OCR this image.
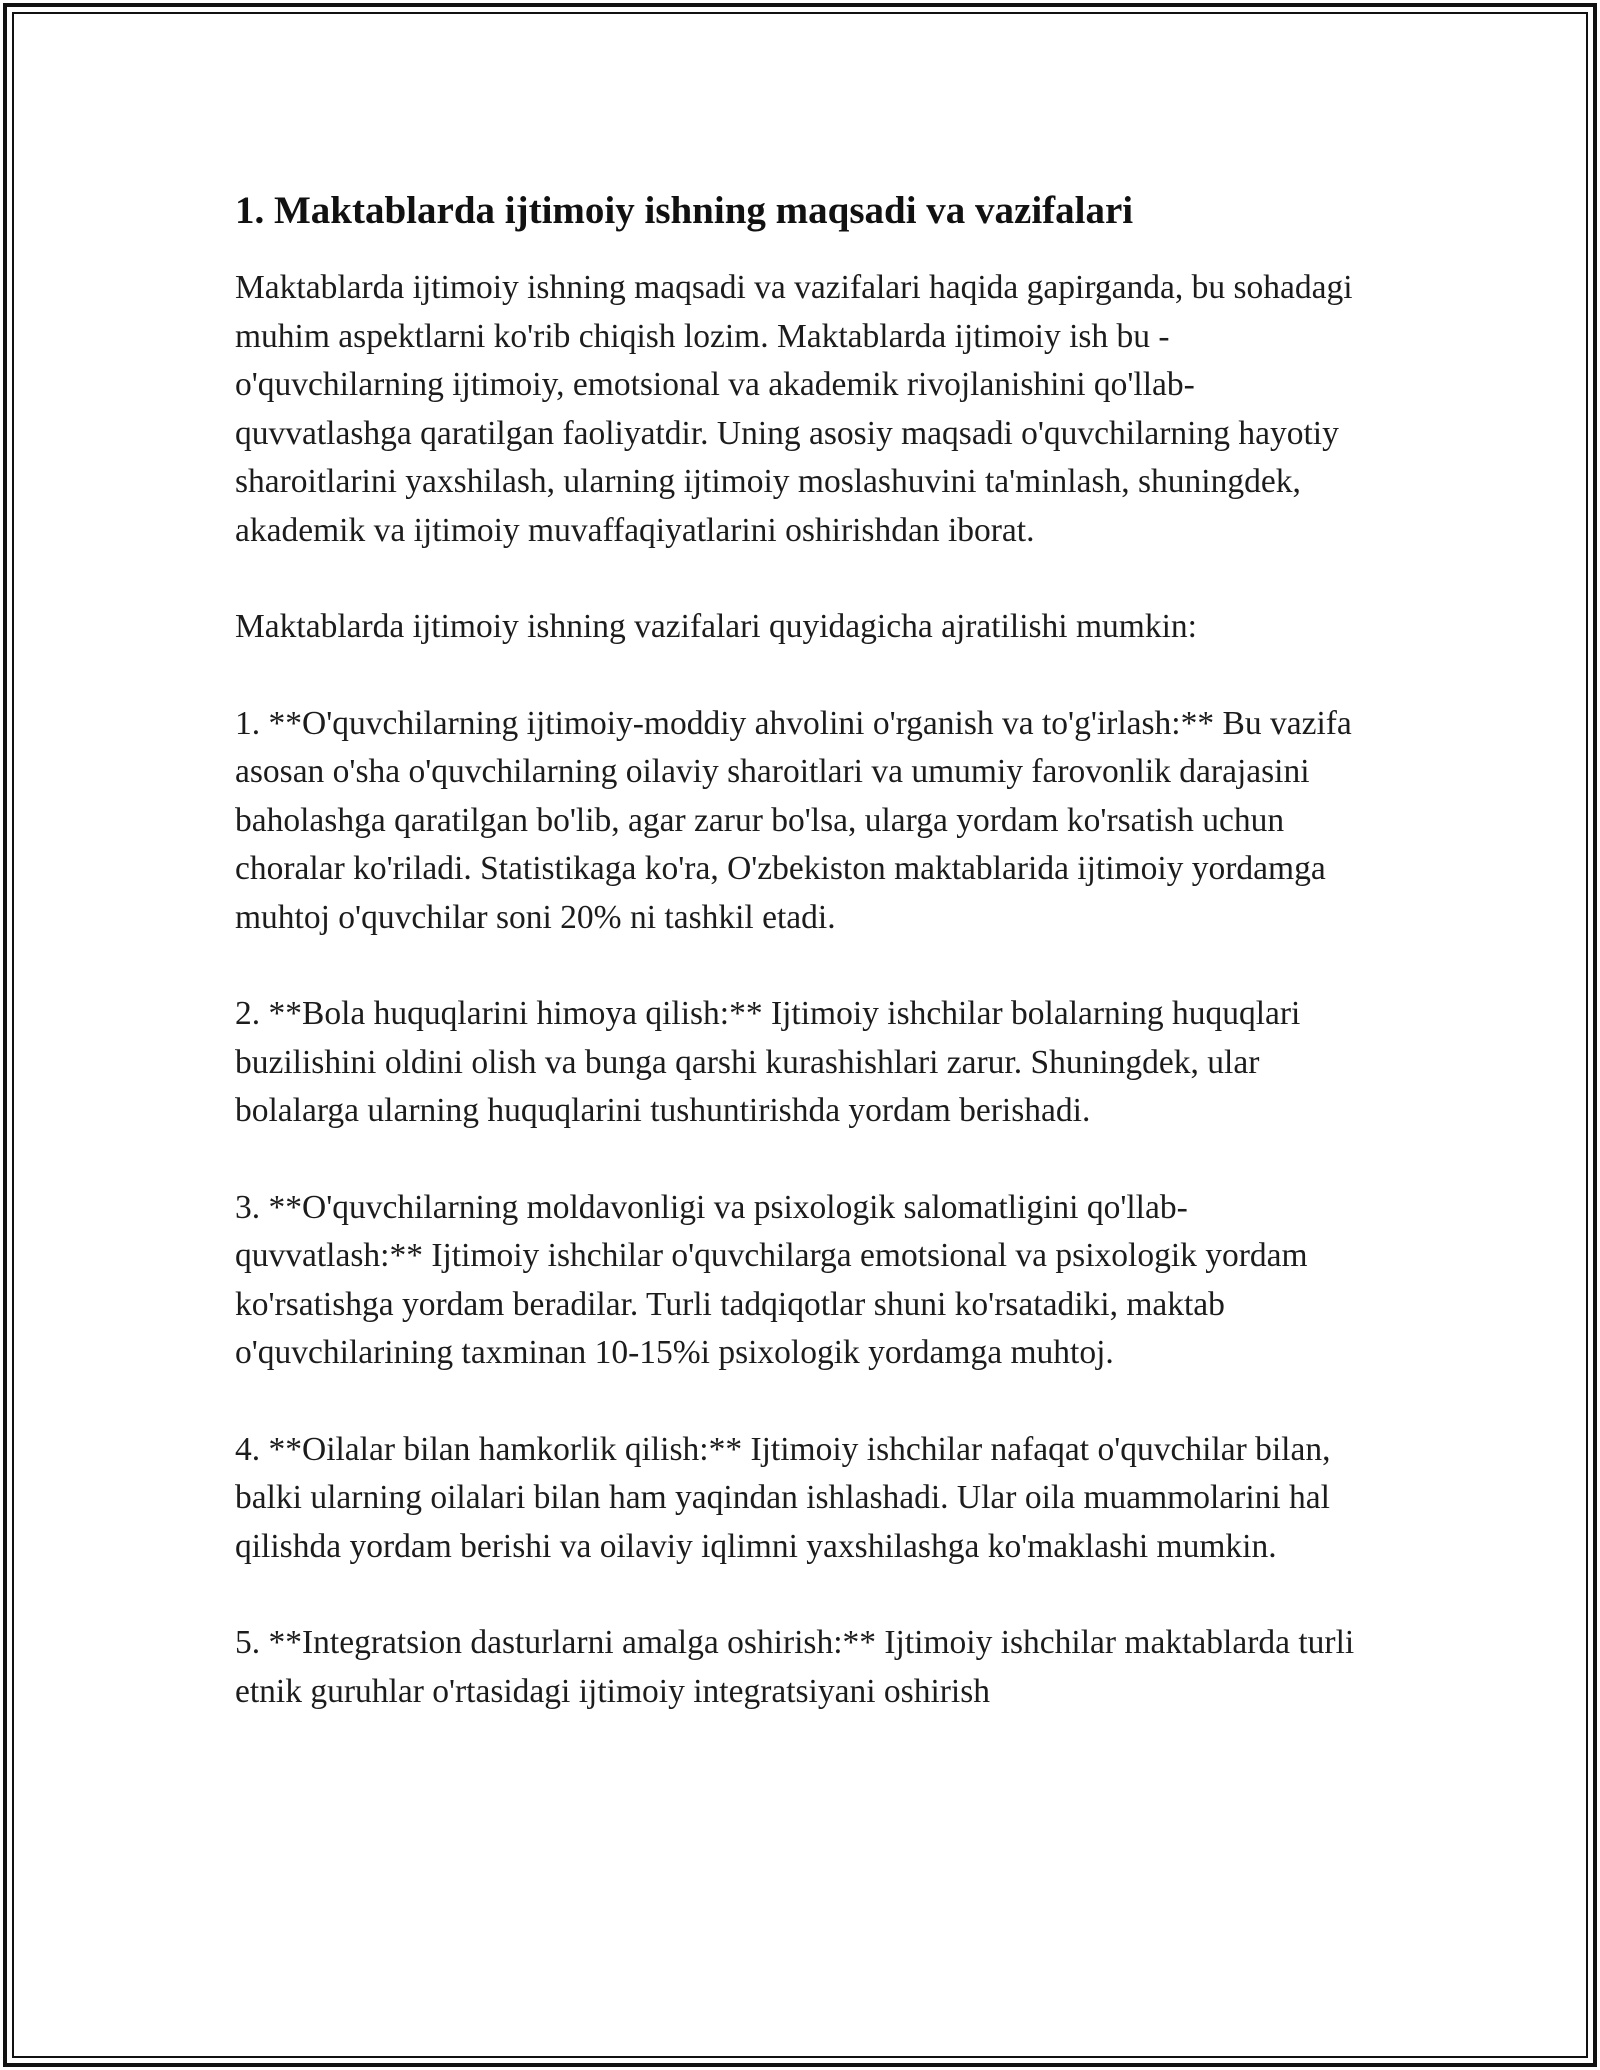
1. Maktablarda ijtimoiy ishning maqsadi va vazifalari

Maktablarda ijtimoiy ishning maqsadi va vazifalari haqida gapirganda, bu sohadagi muhim aspektlarni ko'rib chiqish lozim. Maktablarda ijtimoiy ish bu - o'quvchilarning ijtimoiy, emotsional va akademik rivojlanishini qo'llab-quvvatlashga qaratilgan faoliyatdir. Uning asosiy maqsadi o'quvchilarning hayotiy sharoitlarini yaxshilash, ularning ijtimoiy moslashuvini ta'minlash, shuningdek, akademik va ijtimoiy muvaffaqiyatlarini oshirishdan iborat.

Maktablarda ijtimoiy ishning vazifalari quyidagicha ajratilishi mumkin:

1. **O'quvchilarning ijtimoiy-moddiy ahvolini o'rganish va to'g'irlash:** Bu vazifa asosan o'sha o'quvchilarning oilaviy sharoitlari va umumiy farovonlik darajasini baholashga qaratilgan bo'lib, agar zarur bo'lsa, ularga yordam ko'rsatish uchun choralar ko'riladi. Statistikaga ko'ra, O'zbekiston maktablarida ijtimoiy yordamga muhtoj o'quvchilar soni 20% ni tashkil etadi.

2. **Bola huquqlarini himoya qilish:** Ijtimoiy ishchilar bolalarning huquqlari buzilishini oldini olish va bunga qarshi kurashishlari zarur. Shuningdek, ular bolalarga ularning huquqlarini tushuntirishda yordam berishadi.

3. **O'quvchilarning moldavonligi va psixologik salomatligini qo'llab-quvvatlash:** Ijtimoiy ishchilar o'quvchilarga emotsional va psixologik yordam ko'rsatishga yordam beradilar. Turli tadqiqotlar shuni ko'rsatadiki, maktab o'quvchilarining taxminan 10-15%i psixologik yordamga muhtoj.

4. **Oilalar bilan hamkorlik qilish:** Ijtimoiy ishchilar nafaqat o'quvchilar bilan, balki ularning oilalari bilan ham yaqindan ishlashadi. Ular oila muammolarini hal qilishda yordam berishi va oilaviy iqlimni yaxshilashga ko'maklashi mumkin.

5. **Integratsion dasturlarni amalga oshirish:** Ijtimoiy ishchilar maktablarda turli etnik guruhlar o'rtasidagi ijtimoiy integratsiyani oshirish
